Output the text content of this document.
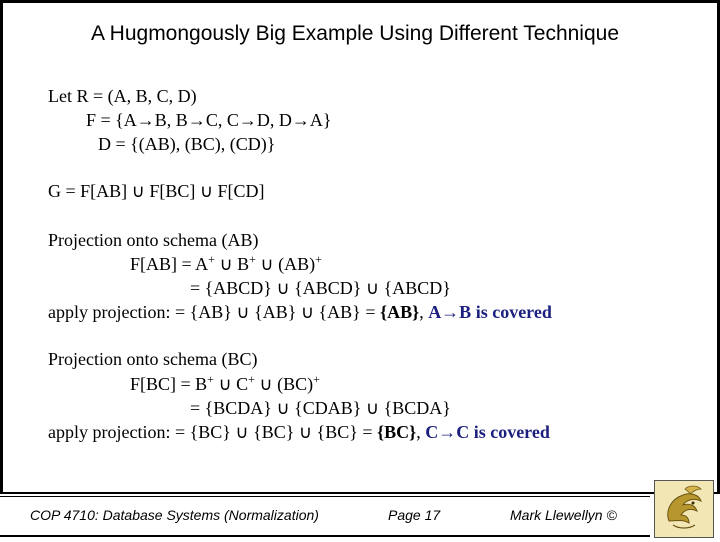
A Hugmongously Big Example Using Different Technique
Let R = (A, B, C, D)
F = {A→B, B→C, C→D, D→A}
D = {(AB), (BC), (CD)}
G = F[AB] ∪ F[BC] ∪ F[CD]
Projection onto schema (AB)
F[AB] = A+ ∪ B+ ∪ (AB)+
= {ABCD} ∪ {ABCD} ∪ {ABCD}
apply projection: = {AB} ∪ {AB} ∪ {AB} = {AB}, A→B is covered
Projection onto schema (BC)
F[BC] = B+ ∪ C+ ∪ (BC)+
= {BCDA} ∪ {CDAB} ∪ {BCDA}
apply projection: = {BC} ∪ {BC} ∪ {BC} = {BC}, C→C is covered
COP 4710: Database Systems (Normalization)	Page 17	Mark Llewellyn ©
